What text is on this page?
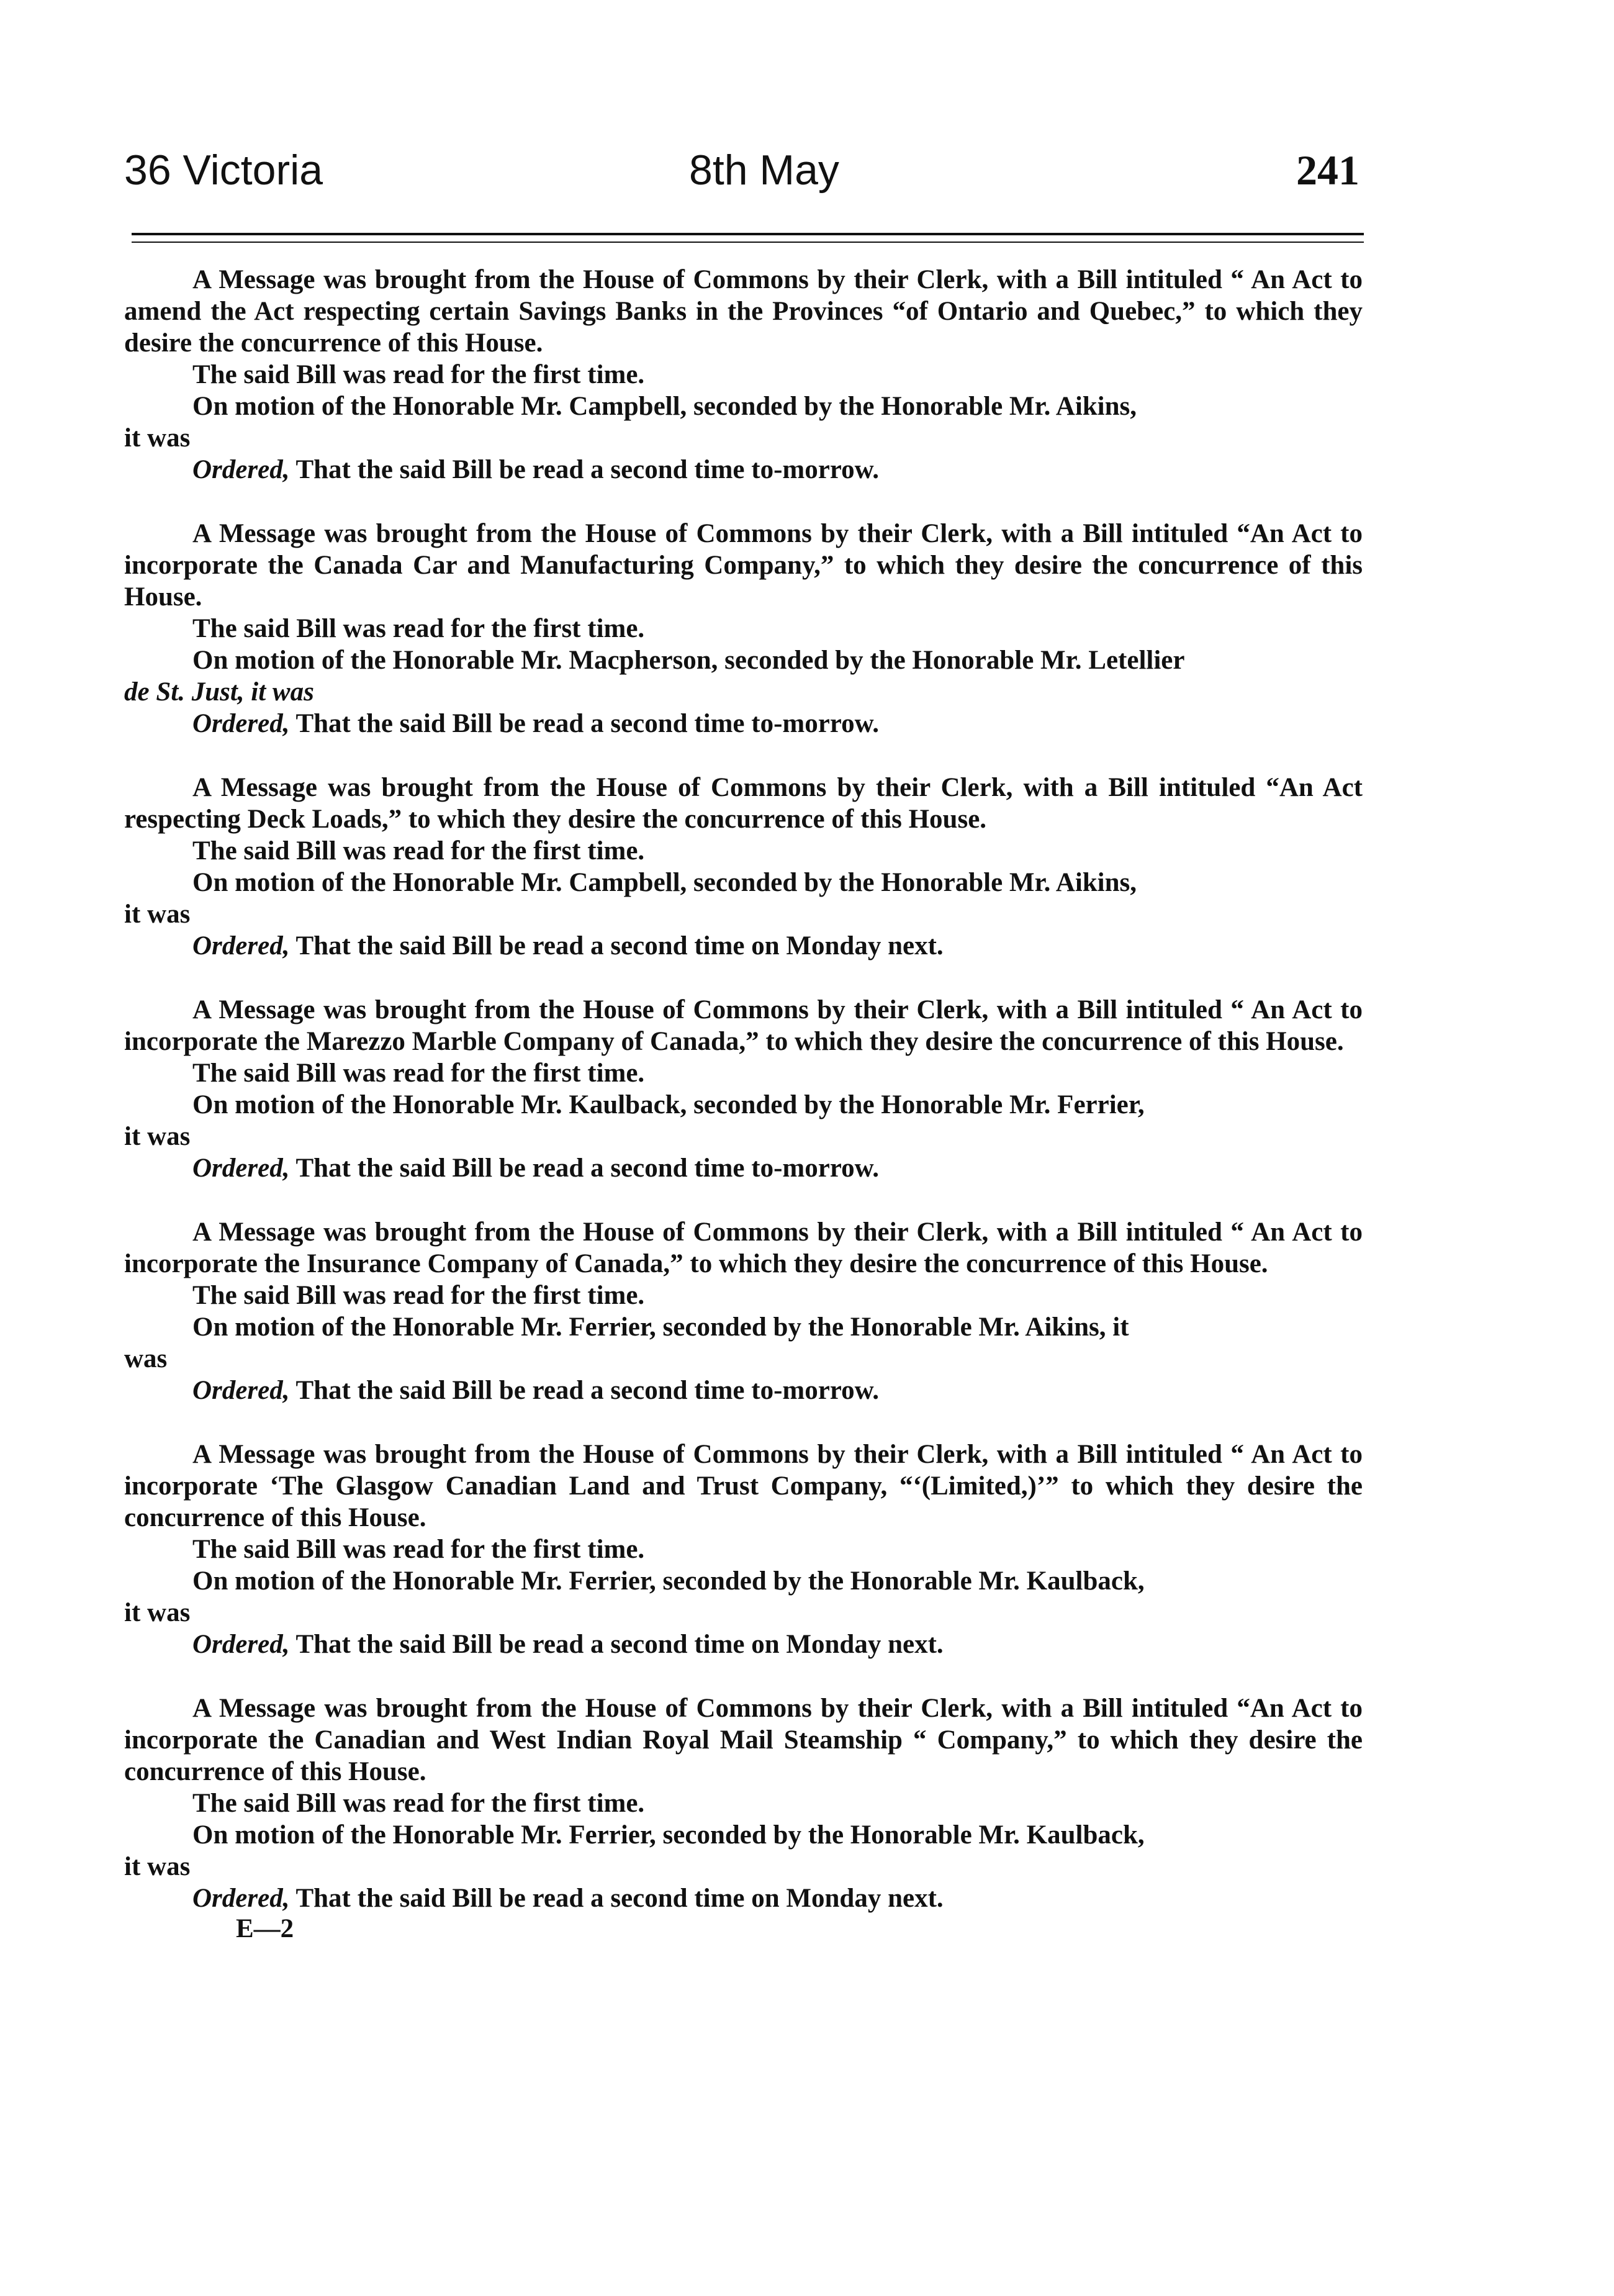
36 Victoria	8th May	241

A Message was brought from the House of Commons by their Clerk, with a Bill intituled “ An Act to amend the Act respecting certain Savings Banks in the Provinces “of Ontario and Quebec,” to which they desire the concurrence of this House.

The said Bill was read for the first time.

On motion of the Honorable Mr. Campbell, seconded by the Honorable Mr. Aikins,

it was

Ordered, That the said Bill be read a second time to-morrow.

A Message was brought from the House of Commons by their Clerk, with a Bill intituled “An Act to incorporate the Canada Car and Manufacturing Company,” to which they desire the concurrence of this House.

The said Bill was read for the first time.

On motion of the Honorable Mr. Macpherson, seconded by the Honorable Mr. Letellier

de St. Just, it was

Ordered, That the said Bill be read a second time to-morrow.

A Message was brought from the House of Commons by their Clerk, with a Bill intituled “An Act respecting Deck Loads,” to which they desire the concurrence of this House.

The said Bill was read for the first time.

On motion of the Honorable Mr. Campbell, seconded by the Honorable Mr. Aikins,

it was

Ordered, That the said Bill be read a second time on Monday next.

A Message was brought from the House of Commons by their Clerk, with a Bill intituled “ An Act to incorporate the Marezzo Marble Company of Canada,” to which they desire the concurrence of this House.

The said Bill was read for the first time.

On motion of the Honorable Mr. Kaulback, seconded by the Honorable Mr. Ferrier,

it was

Ordered, That the said Bill be read a second time to-morrow.

A Message was brought from the House of Commons by their Clerk, with a Bill intituled “ An Act to incorporate the Insurance Company of Canada,” to which they desire the concurrence of this House.

The said Bill was read for the first time.

On motion of the Honorable Mr. Ferrier, seconded by the Honorable Mr. Aikins, it

was

Ordered, That the said Bill be read a second time to-morrow.

A Message was brought from the House of Commons by their Clerk, with a Bill intituled “ An Act to incorporate ‘The Glasgow Canadian Land and Trust Company, “‘(Limited,)’” to which they desire the concurrence of this House.

The said Bill was read for the first time.

On motion of the Honorable Mr. Ferrier, seconded by the Honorable Mr. Kaulback,

it was

Ordered, That the said Bill be read a second time on Monday next.

A Message was brought from the House of Commons by their Clerk, with a Bill intituled “An Act to incorporate the Canadian and West Indian Royal Mail Steamship “ Company,” to which they desire the concurrence of this House.

The said Bill was read for the first time.

On motion of the Honorable Mr. Ferrier, seconded by the Honorable Mr. Kaulback,

it was

Ordered, That the said Bill be read a second time on Monday next.

E—2
